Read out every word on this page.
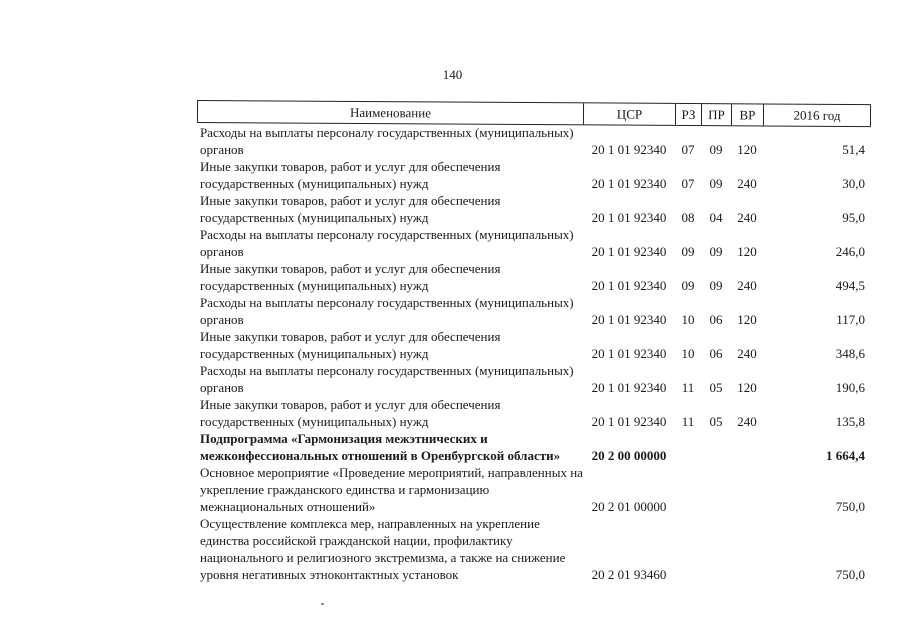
140
Наименование	ЦСР	РЗ ПР	ВР	2016 год
Расходы на выплаты персоналу государственных (муниципальных)
органов	20 1 01 92340	07	09	120	51,4
Иные закупки товаров, работ и услуг для обеспечения
государственных (муниципальных) нужд	20 1 01 92340	07	09	240	30,0
Иные закупки товаров, работ и услуг для обеспечения
государственных (муниципальных) нужд	20 1 01 92340	08	04	240	95,0
Расходы на выплаты персоналу государственных (муниципальных)
органов	20 1 01 92340	09	09	120	246,0
Иные закупки товаров, работ и услуг для обеспечения
государственных (муниципальных) нужд	20 1 01 92340	09	09	240	494,5
Расходы на выплаты персоналу государственных (муниципальных)
органов	20 1 01 92340	10	06	120	117,0
Иные закупки товаров, работ и услуг для обеспечения
государственных (муниципальных) нужд	20 1 01 92340	10	06	240	348,6
Расходы на выплаты персоналу государственных (муниципальных)
органов	20 1 01 92340	11	05	120	190,6
Иные закупки товаров, работ и услуг для обеспечения
государственных (муниципальных) нужд	20 1 01 92340	11	05	240	135,8
Подпрограмма «Гармонизация межэтнических и
межконфессиональных отношений в Оренбургской области»	20 2 00 00000	1 664,4
Основное мероприятие «Проведение мероприятий, направленных на
укрепление гражданского единства и гармонизацию
межнациональных отношений»	20 2 01 00000	750,0
Осуществление комплекса мер, направленных на укрепление
единства российской гражданской нации, профилактику
национального и религиозного экстремизма, а также на снижение
уровня негативных этноконтактных установок	20 2 01 93460	750,0
